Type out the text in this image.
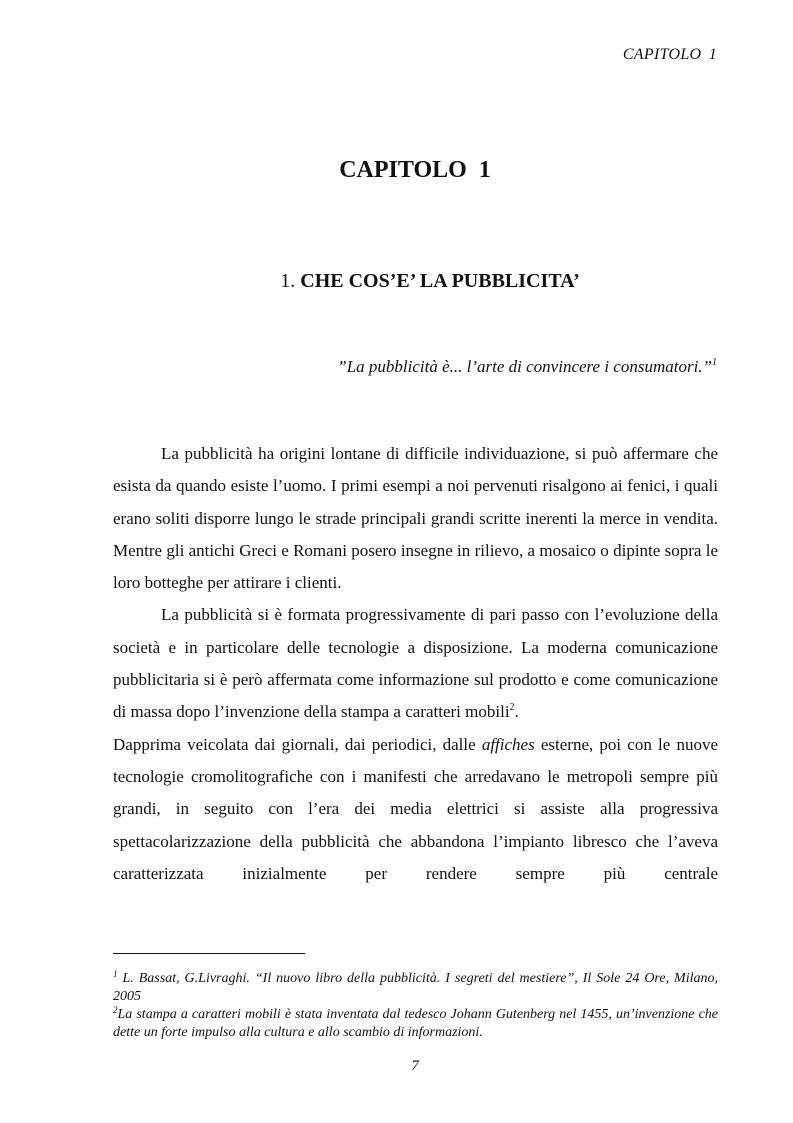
CAPITOLO 1
CAPITOLO 1
1. CHE COS’E’ LA PUBBLICITA’
”La pubblicità è... l’arte di convincere i consumatori.”$^1$

La pubblicità ha origini lontane di difficile individuazione, si può affermare che esista da quando esiste l’uomo. I primi esempi a noi pervenuti risalgono ai fenici, i quali erano soliti disporre lungo le strade principali grandi scritte inerenti la merce in vendita. Mentre gli antichi Greci e Romani posero insegne in rilievo, a mosaico o dipinte sopra le loro botteghe per attirare i clienti.

La pubblicità si è formata progressivamente di pari passo con l’evoluzione della società e in particolare delle tecnologie a disposizione. La moderna comunicazione pubblicitaria si è però affermata come informazione sul prodotto e come comunicazione di massa dopo l’invenzione della stampa a caratteri mobili$^2$.

Dapprima veicolata dai giornali, dai periodici, dalle affiches esterne, poi con le nuove tecnologie cromolitografiche con i manifesti che arredavano le metropoli sempre più grandi, in seguito con l’era dei media elettrici si assiste alla progressiva spettacolarizzazione della pubblicità che abbandona l’impianto libresco che l’aveva caratterizzata inizialmente per rendere sempre più centrale

$^1$ L. Bassat, G.Livraghi. “Il nuovo libro della pubblicità. I segreti del mestiere”, Il Sole 24 Ore, Milano, 2005

$^2$La stampa a caratteri mobili è stata inventata dal tedesco Johann Gutenberg nel 1455, un’invenzione che dette un forte impulso alla cultura e allo scambio di informazioni.

7
